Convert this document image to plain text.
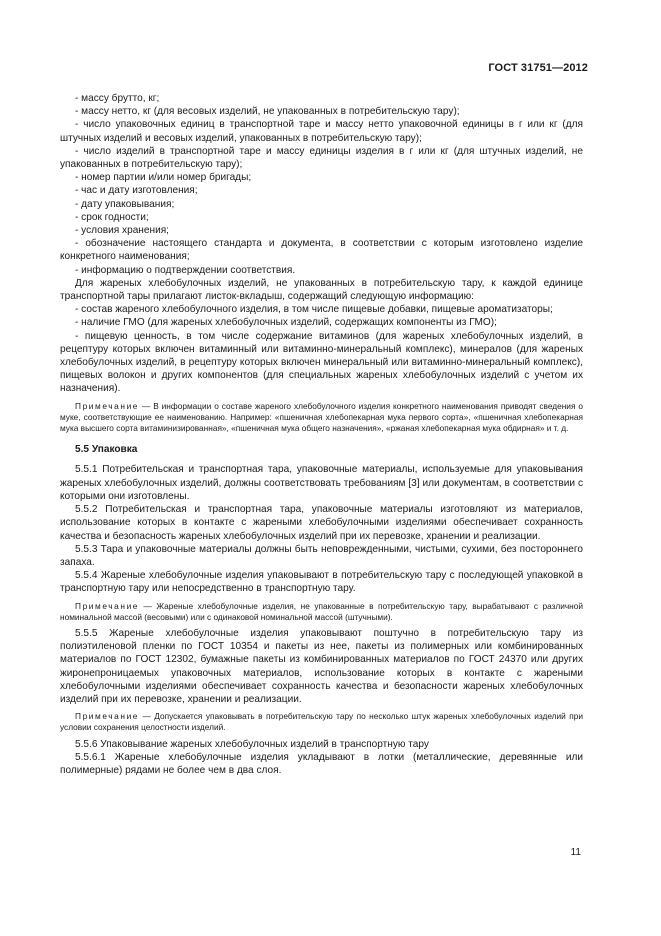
ГОСТ 31751—2012

- массу брутто, кг;

- массу нетто, кг (для весовых изделий, не упакованных в потребительскую тару);

- число упаковочных единиц в транспортной таре и массу нетто упаковочной единицы в г или кг (для штучных изделий и весовых изделий, упакованных в потребительскую тару);

- число изделий в транспортной таре и массу единицы изделия в г или кг (для штучных изделий, не упакованных в потребительскую тару);

- номер партии и/или номер бригады;

- час и дату изготовления;

- дату упаковывания;

- срок годности;

- условия хранения;

- обозначение настоящего стандарта и документа, в соответствии с которым изготовлено изделие конкретного наименования;

- информацию о подтверждении соответствия.

Для жареных хлебобулочных изделий, не упакованных в потребительскую тару, к каждой единице транспортной тары прилагают листок-вкладыш, содержащий следующую информацию:

- состав жареного хлебобулочного изделия, в том числе пищевые добавки, пищевые ароматизаторы;

- наличие ГМО (для жареных хлебобулочных изделий, содержащих компоненты из ГМО);

- пищевую ценность, в том числе содержание витаминов (для жареных хлебобулочных изделий, в рецептуру которых включен витаминный или витаминно-минеральный комплекс), минералов (для жареных хлебобулочных изделий, в рецептуру которых включен минеральный или витаминно-минеральный комплекс), пищевых волокон и других компонентов (для специальных жареных хлебобулочных изделий с учетом их назначения).

Примечание — В информации о составе жареного хлебобулочного изделия конкретного наименования приводят сведения о муке, соответствующие ее наименованию. Например: «пшеничная хлебопекарная мука первого сорта», «пшеничная хлебопекарная мука высшего сорта витаминизированная», «пшеничная мука общего назначения», «ржаная хлебопекарная мука обдирная» и т. д.

5.5 Упаковка

5.5.1 Потребительская и транспортная тара, упаковочные материалы, используемые для упаковывания жареных хлебобулочных изделий, должны соответствовать требованиям [3] или документам, в соответствии с которыми они изготовлены.

5.5.2 Потребительская и транспортная тара, упаковочные материалы изготовляют из материалов, использование которых в контакте с жареными хлебобулочными изделиями обеспечивает сохранность качества и безопасность жареных хлебобулочных изделий при их перевозке, хранении и реализации.

5.5.3 Тара и упаковочные материалы должны быть неповрежденными, чистыми, сухими, без постороннего запаха.

5.5.4 Жареные хлебобулочные изделия упаковывают в потребительскую тару с последующей упаковкой в транспортную тару или непосредственно в транспортную тару.

Примечание — Жареные хлебобулочные изделия, не упакованные в потребительскую тару, вырабатывают с различной номинальной массой (весовыми) или с одинаковой номинальной массой (штучными).

5.5.5 Жареные хлебобулочные изделия упаковывают поштучно в потребительскую тару из полиэтиленовой пленки по ГОСТ 10354 и пакеты из нее, пакеты из полимерных или комбинированных материалов по ГОСТ 12302, бумажные пакеты из комбинированных материалов по ГОСТ 24370 или других жиронепроницаемых упаковочных материалов, использование которых в контакте с жареными хлебобулочными изделиями обеспечивает сохранность качества и безопасности жареных хлебобулочных изделий при их перевозке, хранении и реализации.

Примечание — Допускается упаковывать в потребительскую тару по несколько штук жареных хлебобулочных изделий при условии сохранения целостности изделий.

5.5.6 Упаковывание жареных хлебобулочных изделий в транспортную тару

5.5.6.1 Жареные хлебобулочные изделия укладывают в лотки (металлические, деревянные или полимерные) рядами не более чем в два слоя.

11
